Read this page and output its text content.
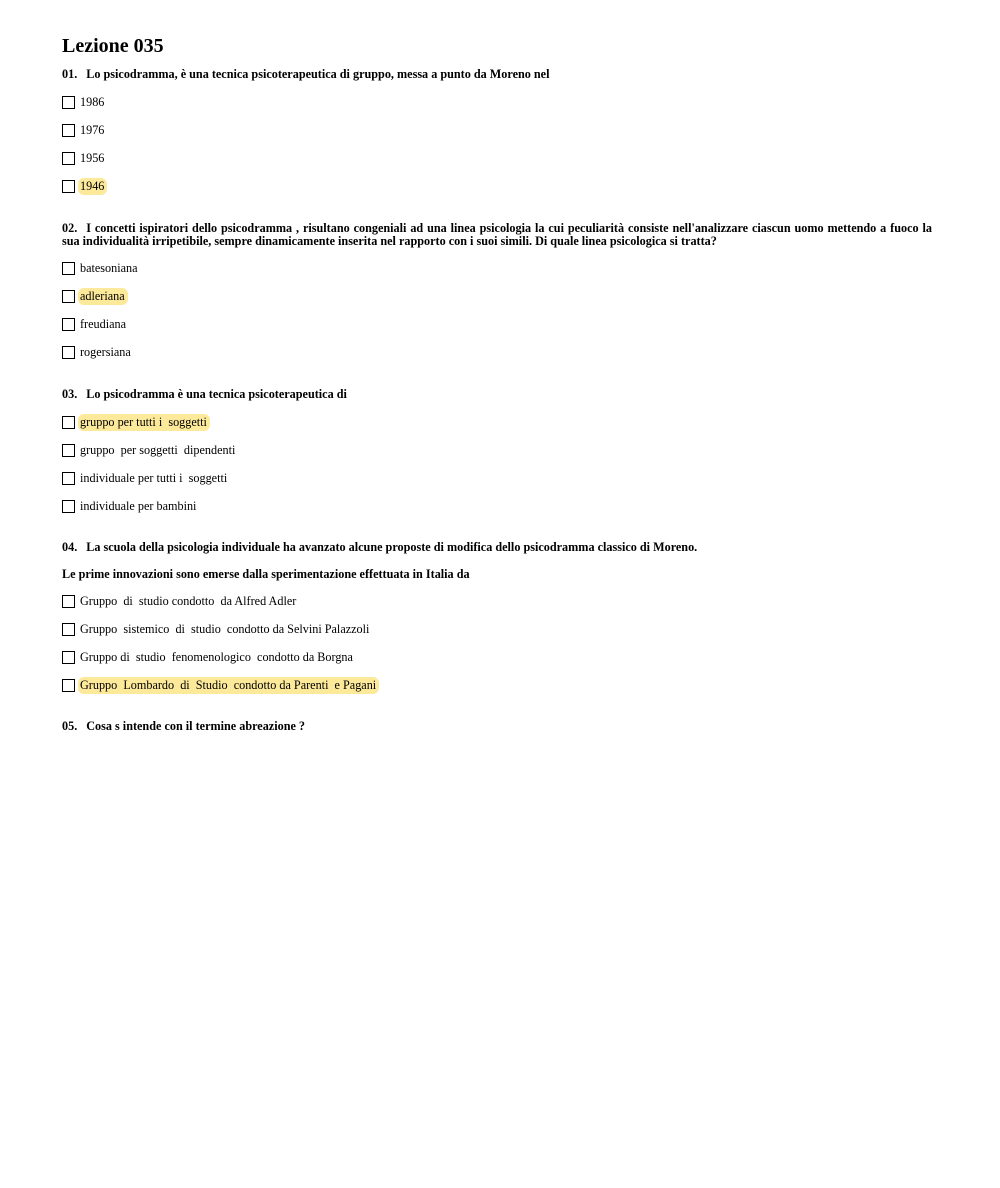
Lezione 035

01. Lo psicodramma, è una tecnica psicoterapeutica di gruppo, messa a punto da Moreno nel

1986
1976
1956
1946

02. I concetti ispiratori dello psicodramma , risultano congeniali ad una linea psicologia la cui peculiarità consiste nell'analizzare ciascun uomo mettendo a fuoco la sua individualità irripetibile, sempre dinamicamente inserita nel rapporto con i suoi simili. Di quale linea psicologica si tratta?

batesoniana
adleriana
freudiana
rogersiana

03. Lo psicodramma è una tecnica psicoterapeutica di

gruppo per tutti i  soggetti
gruppo  per soggetti  dipendenti
individuale per tutti i  soggetti
individuale per bambini

04. La scuola della psicologia individuale ha avanzato alcune proposte di modifica dello psicodramma classico di Moreno.

Le prime innovazioni sono emerse dalla sperimentazione effettuata in Italia da

Gruppo  di  studio condotto  da Alfred Adler
Gruppo  sistemico  di  studio  condotto da Selvini Palazzoli
Gruppo di  studio  fenomenologico  condotto da Borgna
Gruppo  Lombardo  di  Studio  condotto da Parenti  e Pagani

05. Cosa s intende con il termine abreazione ?
